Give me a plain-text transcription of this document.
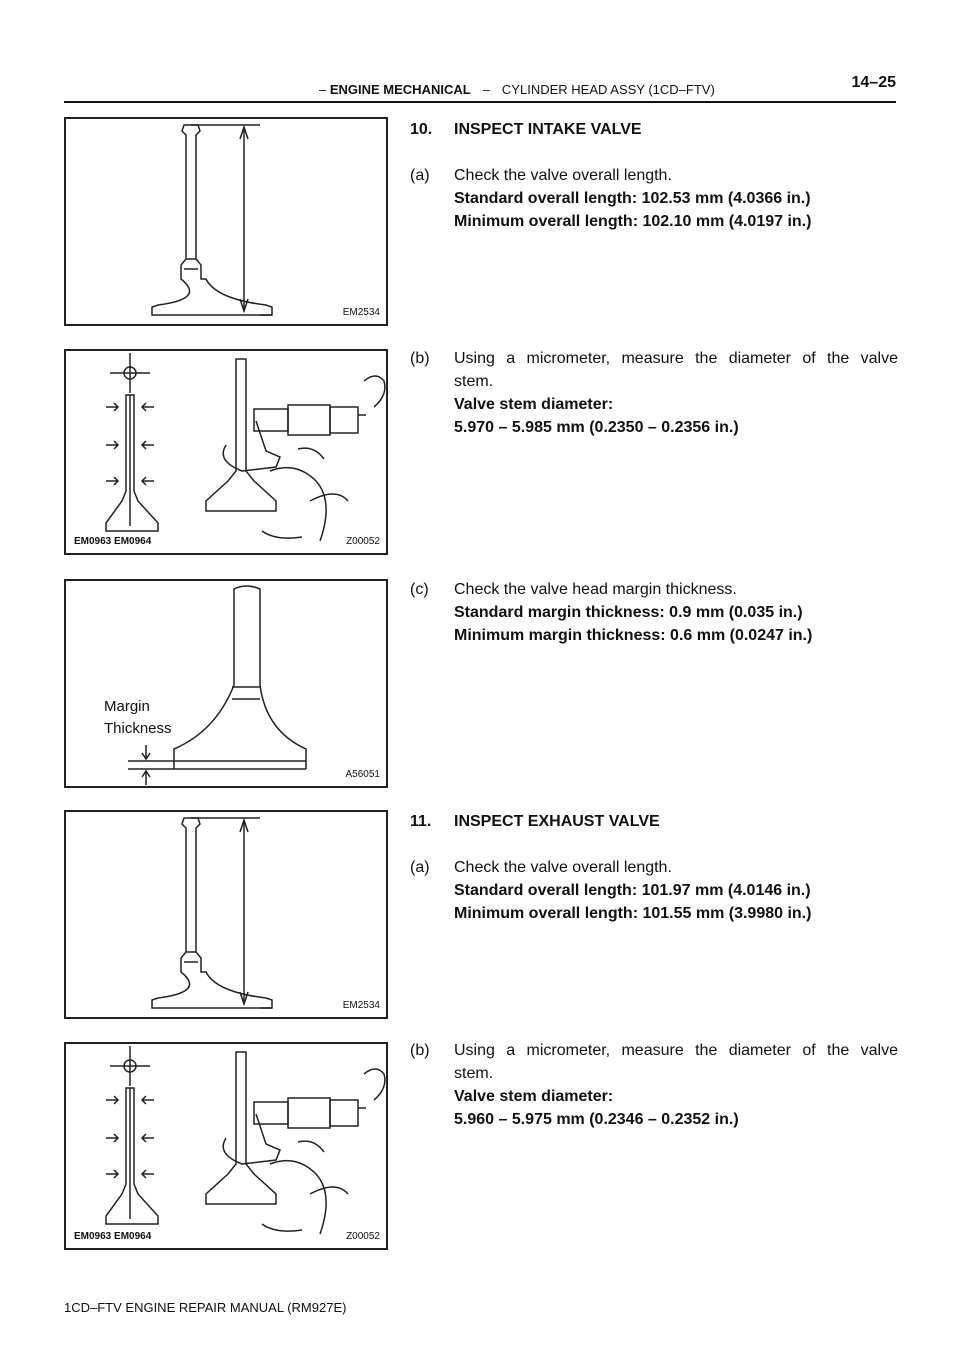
– ENGINE MECHANICAL – CYLINDER HEAD ASSY (1CD–FTV)	14–25
EM2534
EM0963 EM0964	Z00052
Margin
Thickness
A56051
EM2534
EM0963 EM0964	Z00052
10. INSPECT INTAKE VALVE
(a) Check the valve overall length.
Standard overall length: 102.53 mm (4.0366 in.)
Minimum overall length: 102.10 mm (4.0197 in.)
(b) Using a micrometer, measure the diameter of the valve
stem.
Valve stem diameter:
5.970 – 5.985 mm (0.2350 – 0.2356 in.)
(c) Check the valve head margin thickness.
Standard margin thickness: 0.9 mm (0.035 in.)
Minimum margin thickness: 0.6 mm (0.0247 in.)
11. INSPECT EXHAUST VALVE
(a) Check the valve overall length.
Standard overall length: 101.97 mm (4.0146 in.)
Minimum overall length: 101.55 mm (3.9980 in.)
(b) Using a micrometer, measure the diameter of the valve
stem.
Valve stem diameter:
5.960 – 5.975 mm (0.2346 – 0.2352 in.)
1CD–FTV ENGINE REPAIR MANUAL (RM927E)
